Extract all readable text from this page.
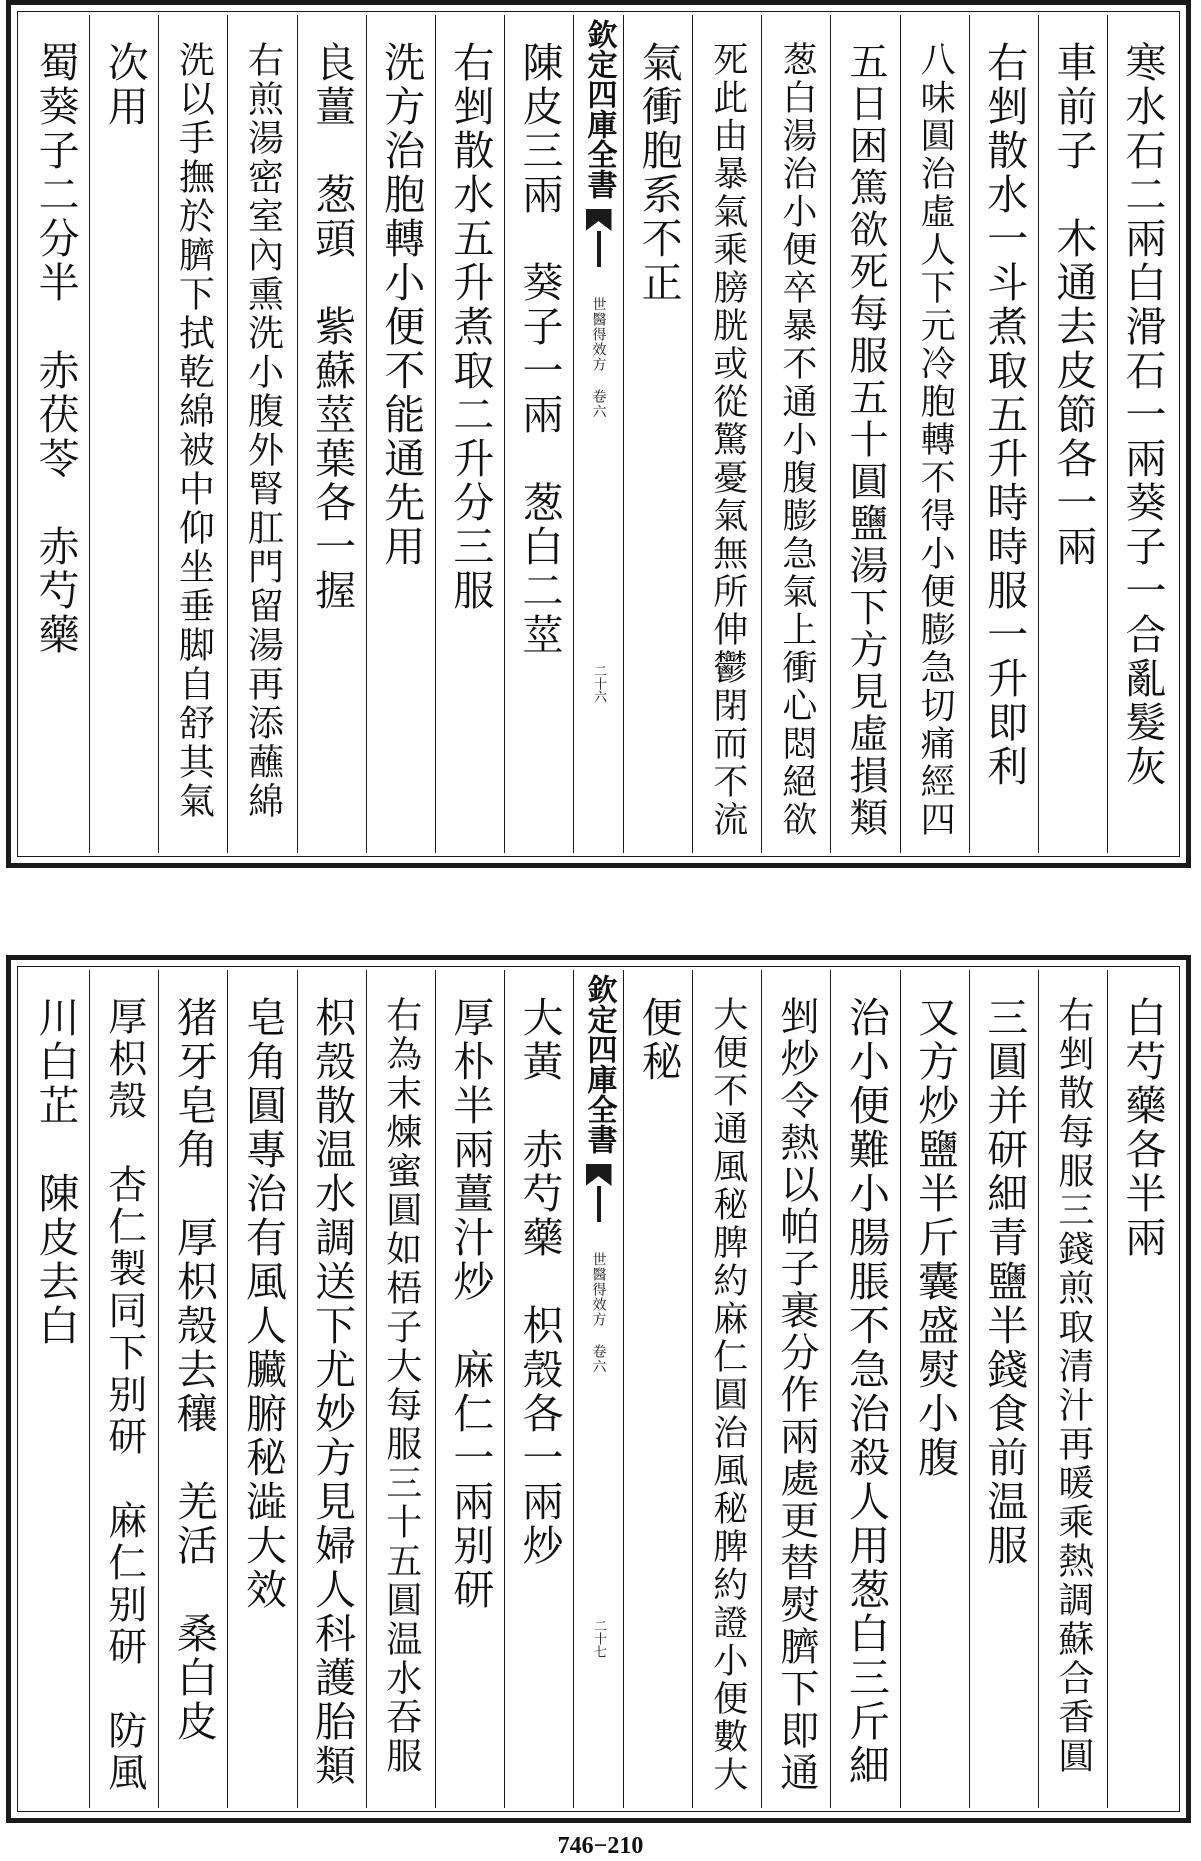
寒水石二兩白滑石一兩葵子一合亂髮灰
車前子　木通去皮節各一兩
右剉散水一斗煮取五升時時服一升即利
八味圓治虛人下元冷胞轉不得小便膨急切痛經四
五日困篤欲死每服五十圓鹽湯下方見虛損類
葱白湯治小便卒暴不通小腹膨急氣上衝心悶絕欲
死此由暴氣乘膀胱或從驚憂氣無所伸鬱閉而不流
氣衝胞系不正
欽定四庫全書
世醫得效方 卷六
二十六
陳皮三兩　葵子一兩　葱白二莖
右剉散水五升煮取二升分三服
洗方治胞轉小便不能通先用
良薑　葱頭　紫蘇莖葉各一握
右煎湯密室內熏洗小腹外腎肛門留湯再添蘸綿
洗以手撫於臍下拭乾綿被中仰坐垂脚自舒其氣
次用
蜀葵子二分半　赤茯苓　赤芍藥
白芍藥各半兩
右剉散每服三錢煎取清汁再暖乘熱調蘇合香圓
三圓并研細青鹽半錢食前温服
又方炒鹽半斤囊盛熨小腹
治小便難小腸脹不急治殺人用葱白三斤細
剉炒令熱以帕子裹分作兩處更替熨臍下即通
大便不通風秘脾約麻仁圓治風秘脾約證小便數大
便秘
欽定四庫全書
世醫得效方 卷六
二十七
大黃　赤芍藥　枳殼各一兩炒
厚朴半兩薑汁炒　麻仁一兩别研
右為末煉蜜圓如梧子大每服三十五圓温水吞服
枳殼散温水調送下尤妙方見婦人科護胎類
皂角圓專治有風人臟腑秘澁大效
猪牙皂角　厚枳殼去穰　羌活　桑白皮
厚枳殼　杏仁製同下别研　麻仁别研　防風
川白芷　陳皮去白
746−210
